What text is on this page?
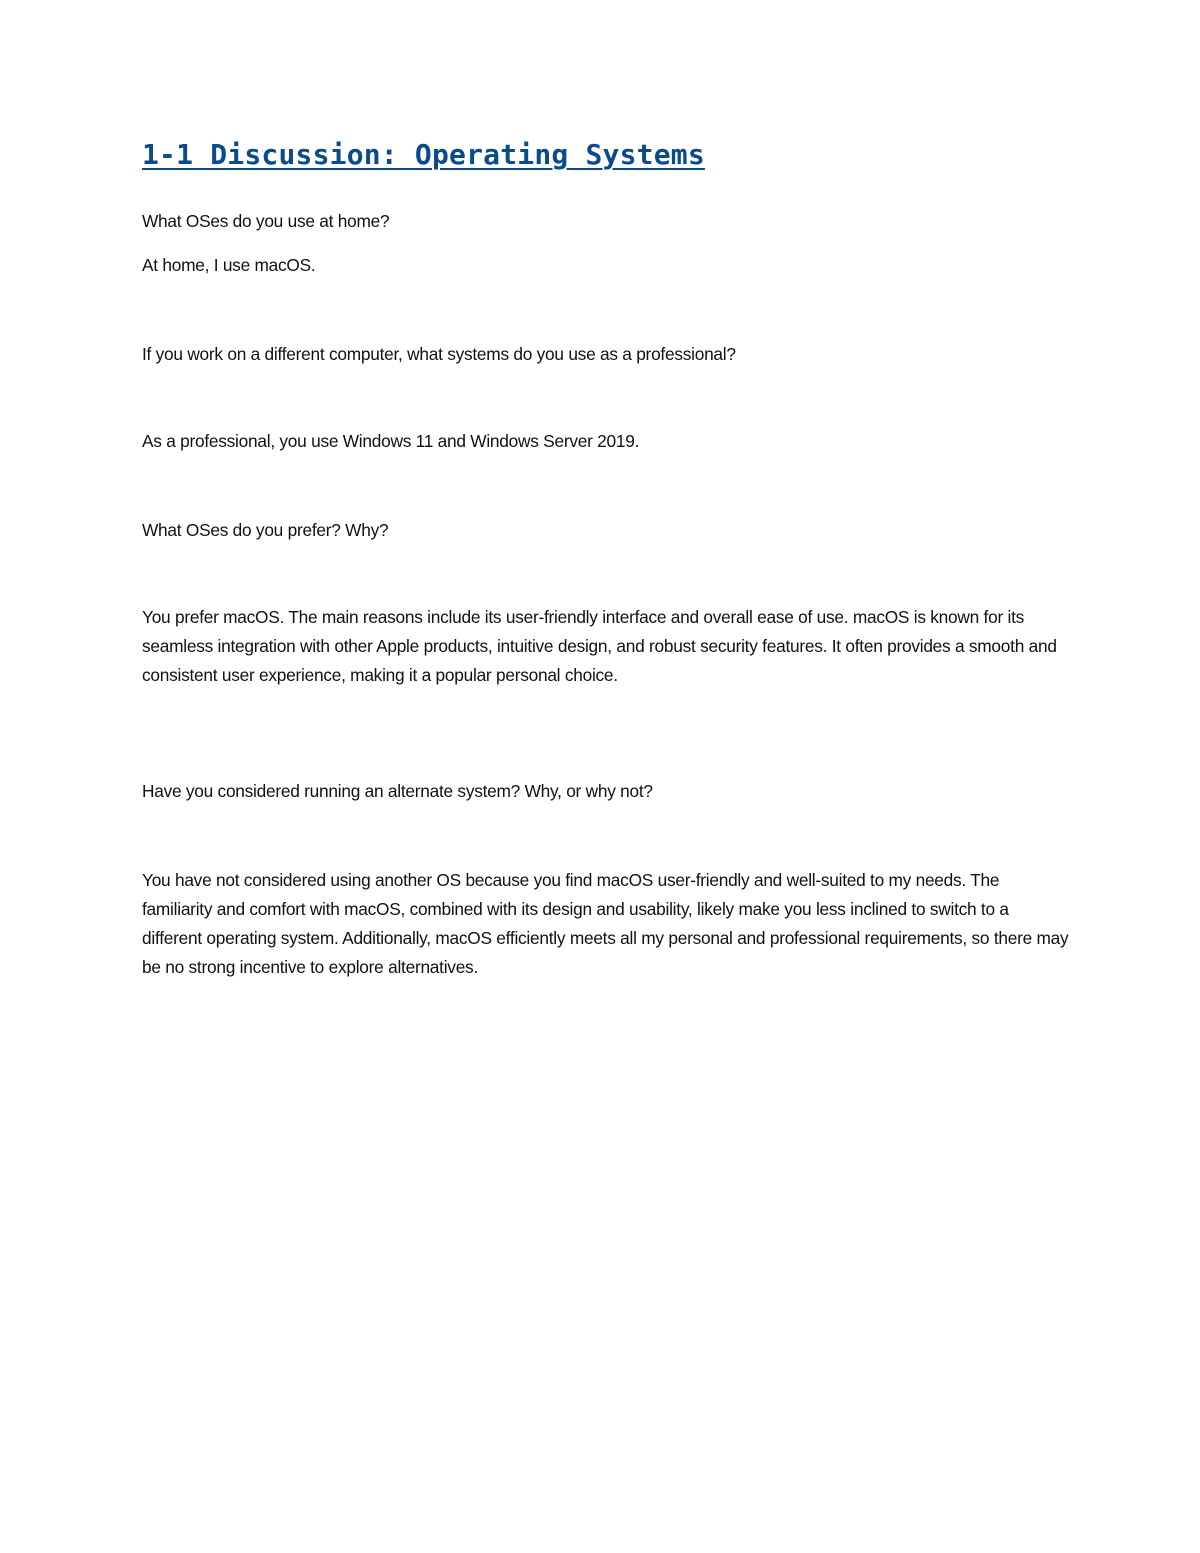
1-1 Discussion: Operating Systems

What OSes do you use at home?

At home, I use macOS.

If you work on a different computer, what systems do you use as a professional?

As a professional, you use Windows 11 and Windows Server 2019.

What OSes do you prefer? Why?

You prefer macOS. The main reasons include its user-friendly interface and overall ease of use. macOS is known for its seamless integration with other Apple products, intuitive design, and robust security features. It often provides a smooth and consistent user experience, making it a popular personal choice.

Have you considered running an alternate system? Why, or why not?

You have not considered using another OS because you find macOS user-friendly and well-suited to my needs. The familiarity and comfort with macOS, combined with its design and usability, likely make you less inclined to switch to a different operating system. Additionally, macOS efficiently meets all my personal and professional requirements, so there may be no strong incentive to explore alternatives.
